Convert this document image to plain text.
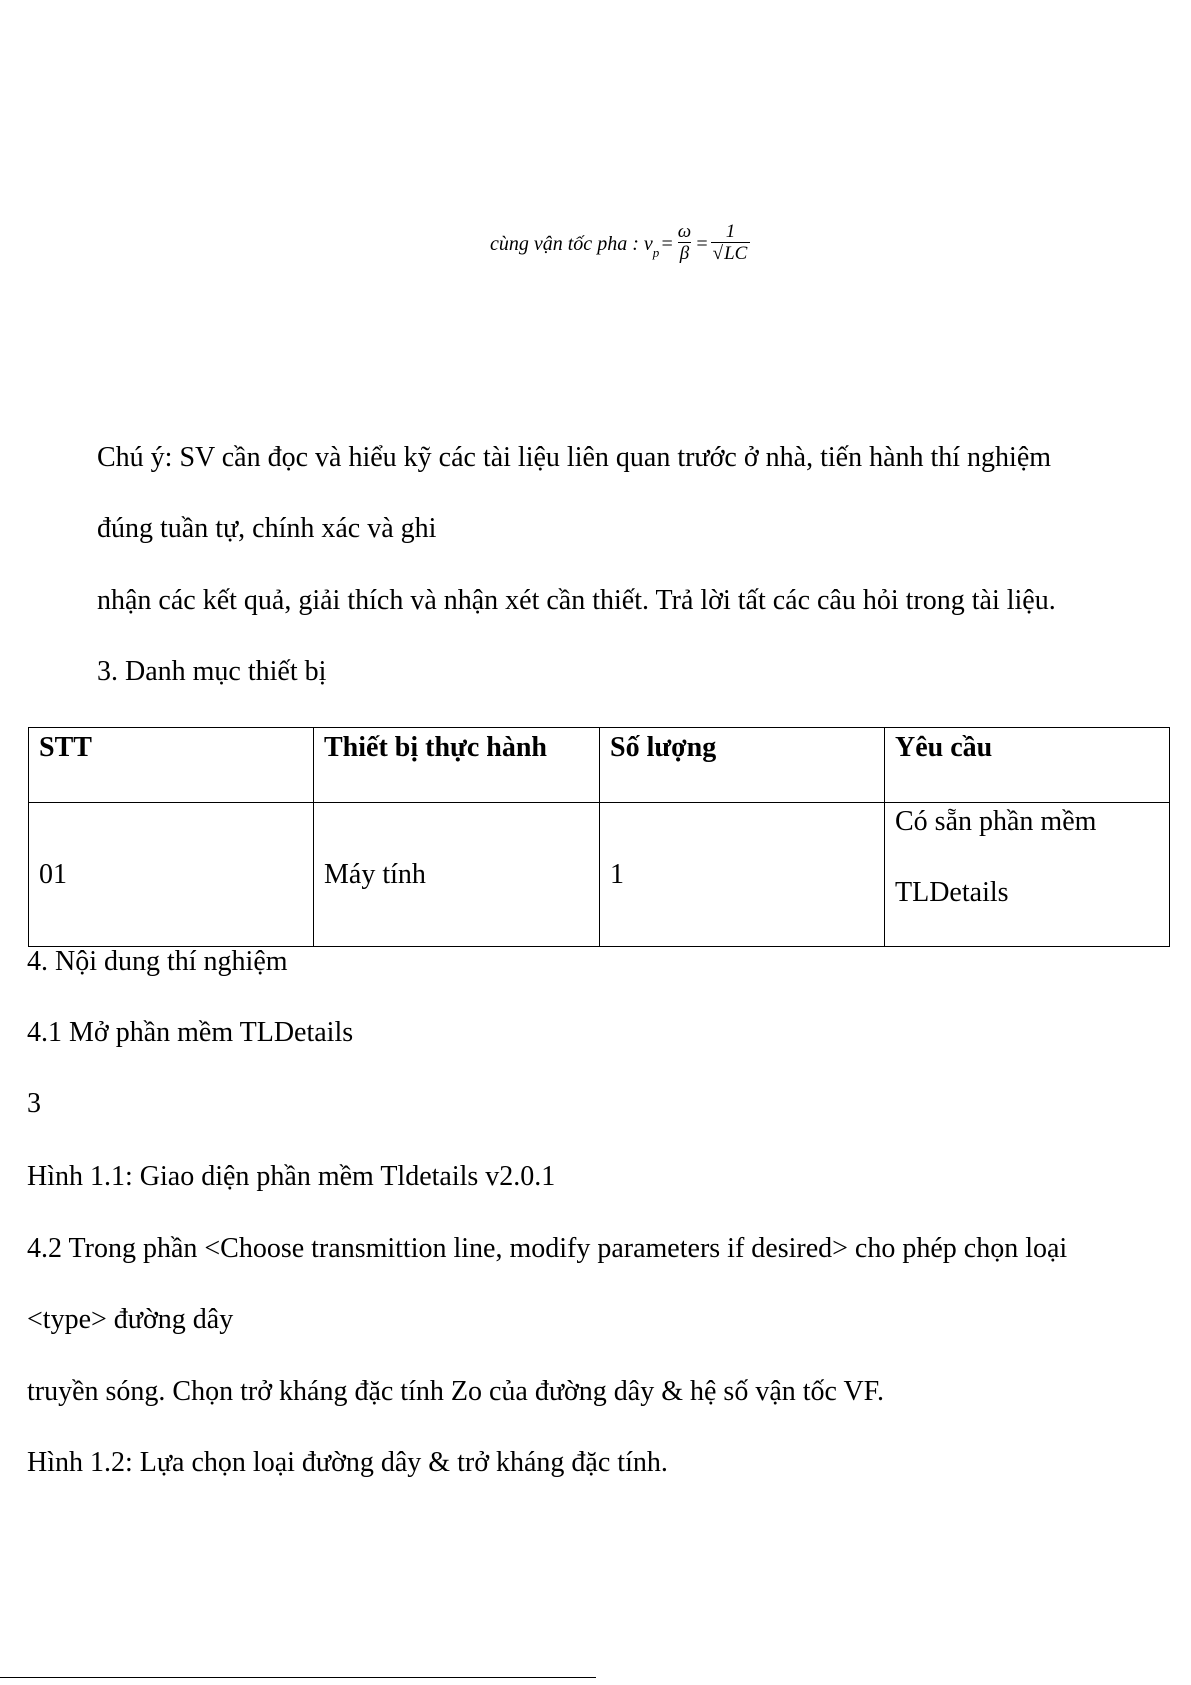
cùng vận tốc pha : v $p = \frac{\omega}{\beta} = \frac{1}{√LC}$
Chú ý: SV cần đọc và hiểu kỹ các tài liệu liên quan trước ở nhà, tiến hành thí nghiệm
đúng tuần tự, chính xác và ghi
nhận các kết quả, giải thích và nhận xét cần thiết. Trả lời tất các câu hỏi trong tài liệu.
3. Danh mục thiết bị
STT	Thiết bị thực hành	Số lượng	Yêu cầu
01	Máy tính	1	Có sẵn phần mềm
TLDetails
4. Nội dung thí nghiệm
4.1 Mở phần mềm TLDetails
3
Hình 1.1: Giao diện phần mềm Tldetails v2.0.1
4.2 Trong phần <Choose transmittion line, modify parameters if desired> cho phép chọn loại
<type> đường dây
truyền sóng. Chọn trở kháng đặc tính Zo của đường dây & hệ số vận tốc VF.
Hình 1.2: Lựa chọn loại đường dây & trở kháng đặc tính.
